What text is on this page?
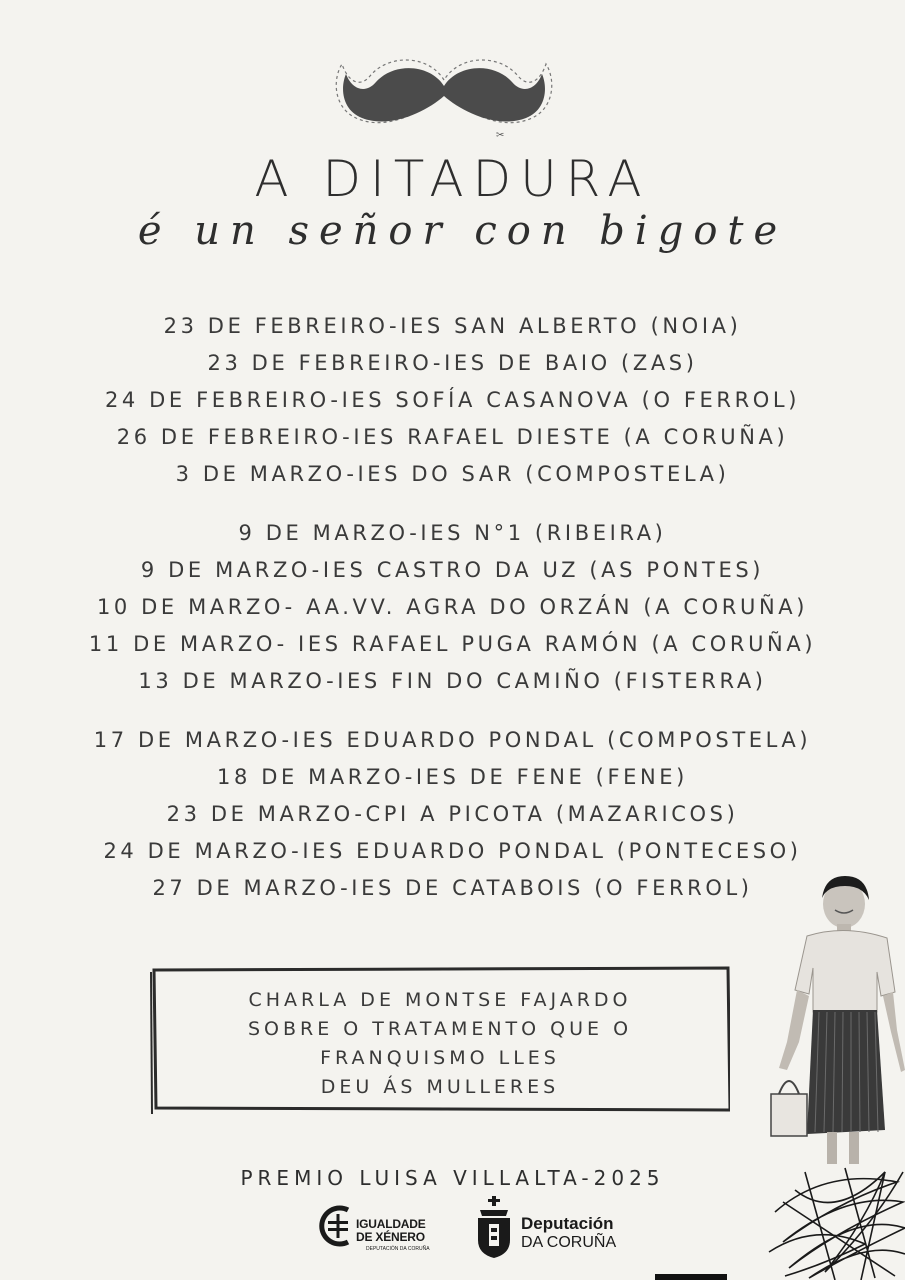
✂
A DITADURA
é un señor con bigote
23 DE FEBREIRO-IES SAN ALBERTO (NOIA)
23 DE FEBREIRO-IES DE BAIO (ZAS)
24 DE FEBREIRO-IES SOFÍA CASANOVA (O FERROL)
26 DE FEBREIRO-IES RAFAEL DIESTE (A CORUÑA)
3 DE MARZO-IES DO SAR (COMPOSTELA)
9 DE MARZO-IES N°1 (RIBEIRA)
9 DE MARZO-IES CASTRO DA UZ (AS PONTES)
10 DE MARZO- AA.VV. AGRA DO ORZÁN (A CORUÑA)
11 DE MARZO- IES RAFAEL PUGA RAMÓN (A CORUÑA)
13 DE MARZO-IES FIN DO CAMIÑO (FISTERRA)
17 DE MARZO-IES EDUARDO PONDAL (COMPOSTELA)
18 DE MARZO-IES DE FENE (FENE)
23 DE MARZO-CPI A PICOTA (MAZARICOS)
24 DE MARZO-IES EDUARDO PONDAL (PONTECESO)
27 DE MARZO-IES DE CATABOIS (O FERROL)
CHARLA DE MONTSE FAJARDO
SOBRE O TRATAMENTO QUE O
FRANQUISMO LLES
DEU ÁS MULLERES
PREMIO LUISA VILLALTA-2025
IGUALDADE
DE XÉNERO
DEPUTACIÓN DA CORUÑA
Deputación
DA CORUÑA
